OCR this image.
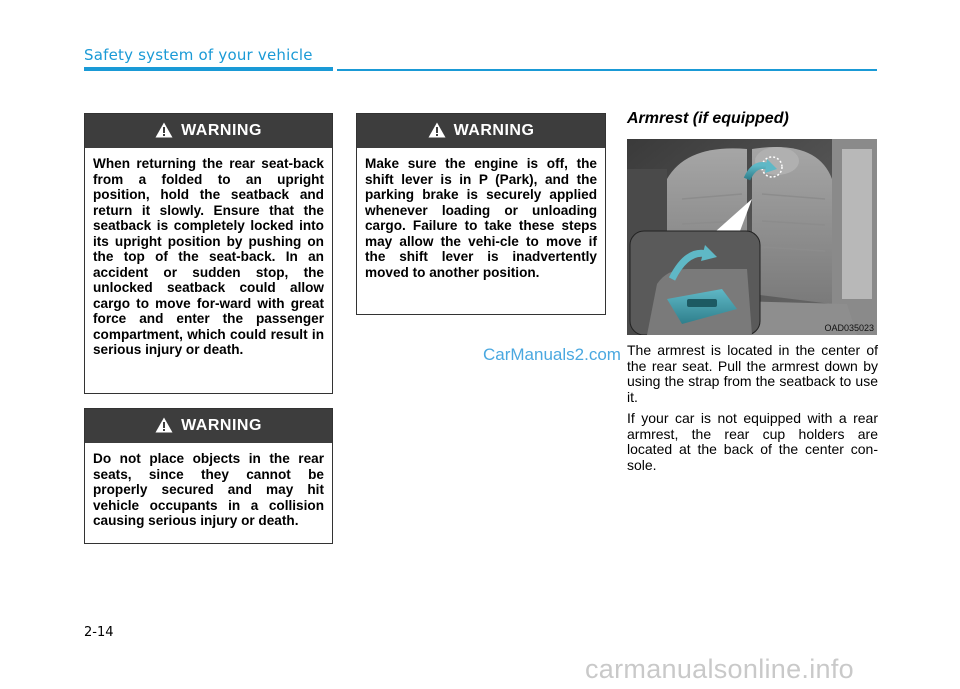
Safety system of your vehicle
WARNING
When returning the rear seat-back from a folded to an upright position, hold the seatback and return it slowly. Ensure that the seatback is completely locked into its upright position by pushing on the top of the seat-back. In an accident or sudden stop, the unlocked seatback could allow cargo to move for-ward with great force and enter the passenger compartment, which could result in serious injury or death.
WARNING
Do not place objects in the rear seats, since they cannot be properly secured and may hit vehicle occupants in a collision causing serious injury or death.
WARNING
Make sure the engine is off, the shift lever is in P (Park), and the parking brake is securely applied whenever loading or unloading cargo. Failure to take these steps may allow the vehi-cle to move if the shift lever is inadvertently moved to another position.
Armrest (if equipped)
OAD035023
The armrest is located in the center of the rear seat. Pull the armrest down by using the strap from the seatback to use it.
If your car is not equipped with a rear armrest, the rear cup holders are located at the back of the center con-sole.
CarManuals2.com
2-14
carmanualsonline.info
